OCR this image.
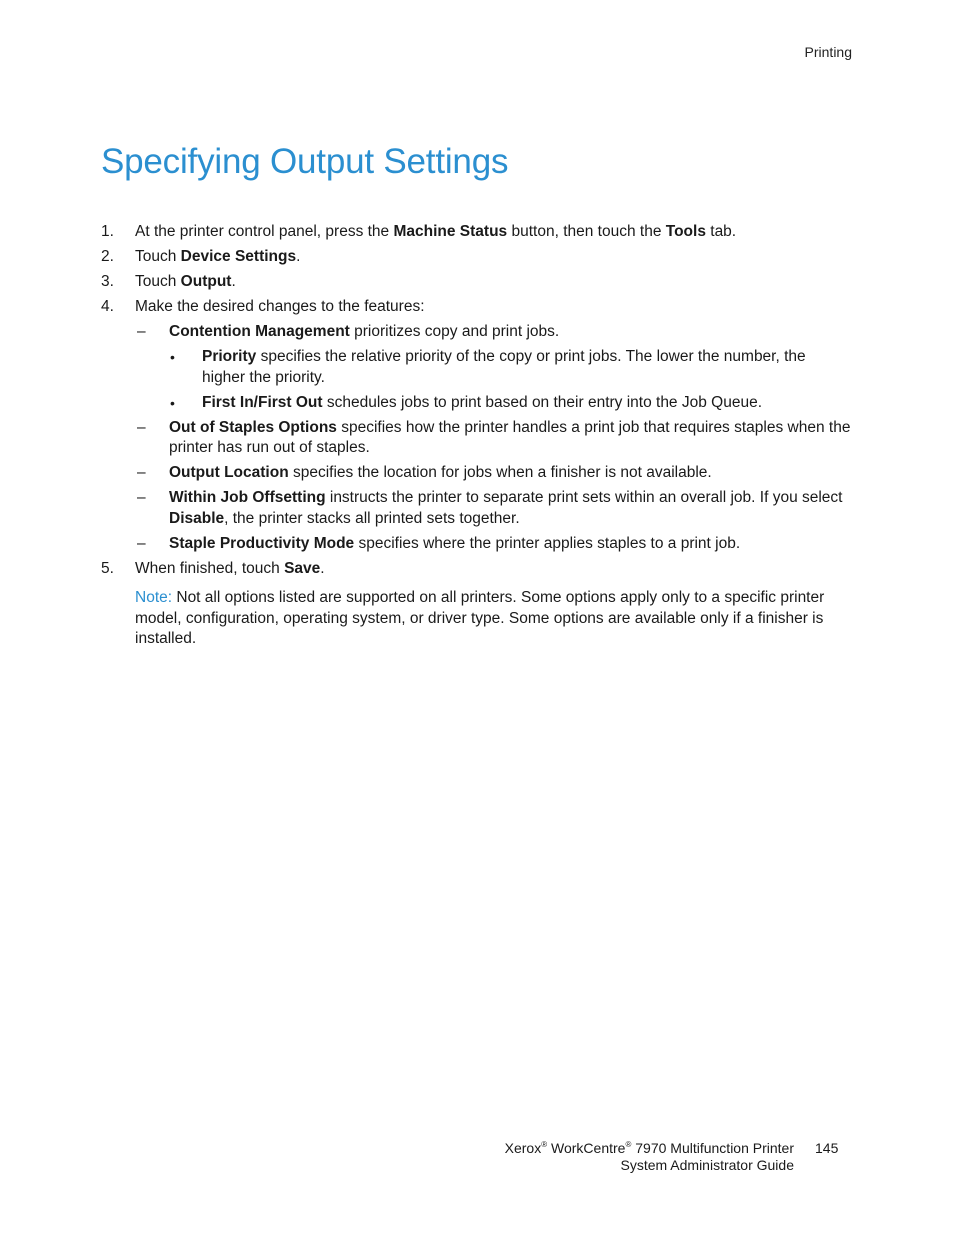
Printing
Specifying Output Settings
1. At the printer control panel, press the Machine Status button, then touch the Tools tab.
2. Touch Device Settings.
3. Touch Output.
4. Make the desired changes to the features:
– Contention Management prioritizes copy and print jobs.
• Priority specifies the relative priority of the copy or print jobs. The lower the number, the higher the priority.
• First In/First Out schedules jobs to print based on their entry into the Job Queue.
– Out of Staples Options specifies how the printer handles a print job that requires staples when the printer has run out of staples.
– Output Location specifies the location for jobs when a finisher is not available.
– Within Job Offsetting instructs the printer to separate print sets within an overall job. If you select Disable, the printer stacks all printed sets together.
– Staple Productivity Mode specifies where the printer applies staples to a print job.
5. When finished, touch Save.
Note: Not all options listed are supported on all printers. Some options apply only to a specific printer model, configuration, operating system, or driver type. Some options are available only if a finisher is installed.
Xerox® WorkCentre® 7970 Multifunction Printer
System Administrator Guide
145
